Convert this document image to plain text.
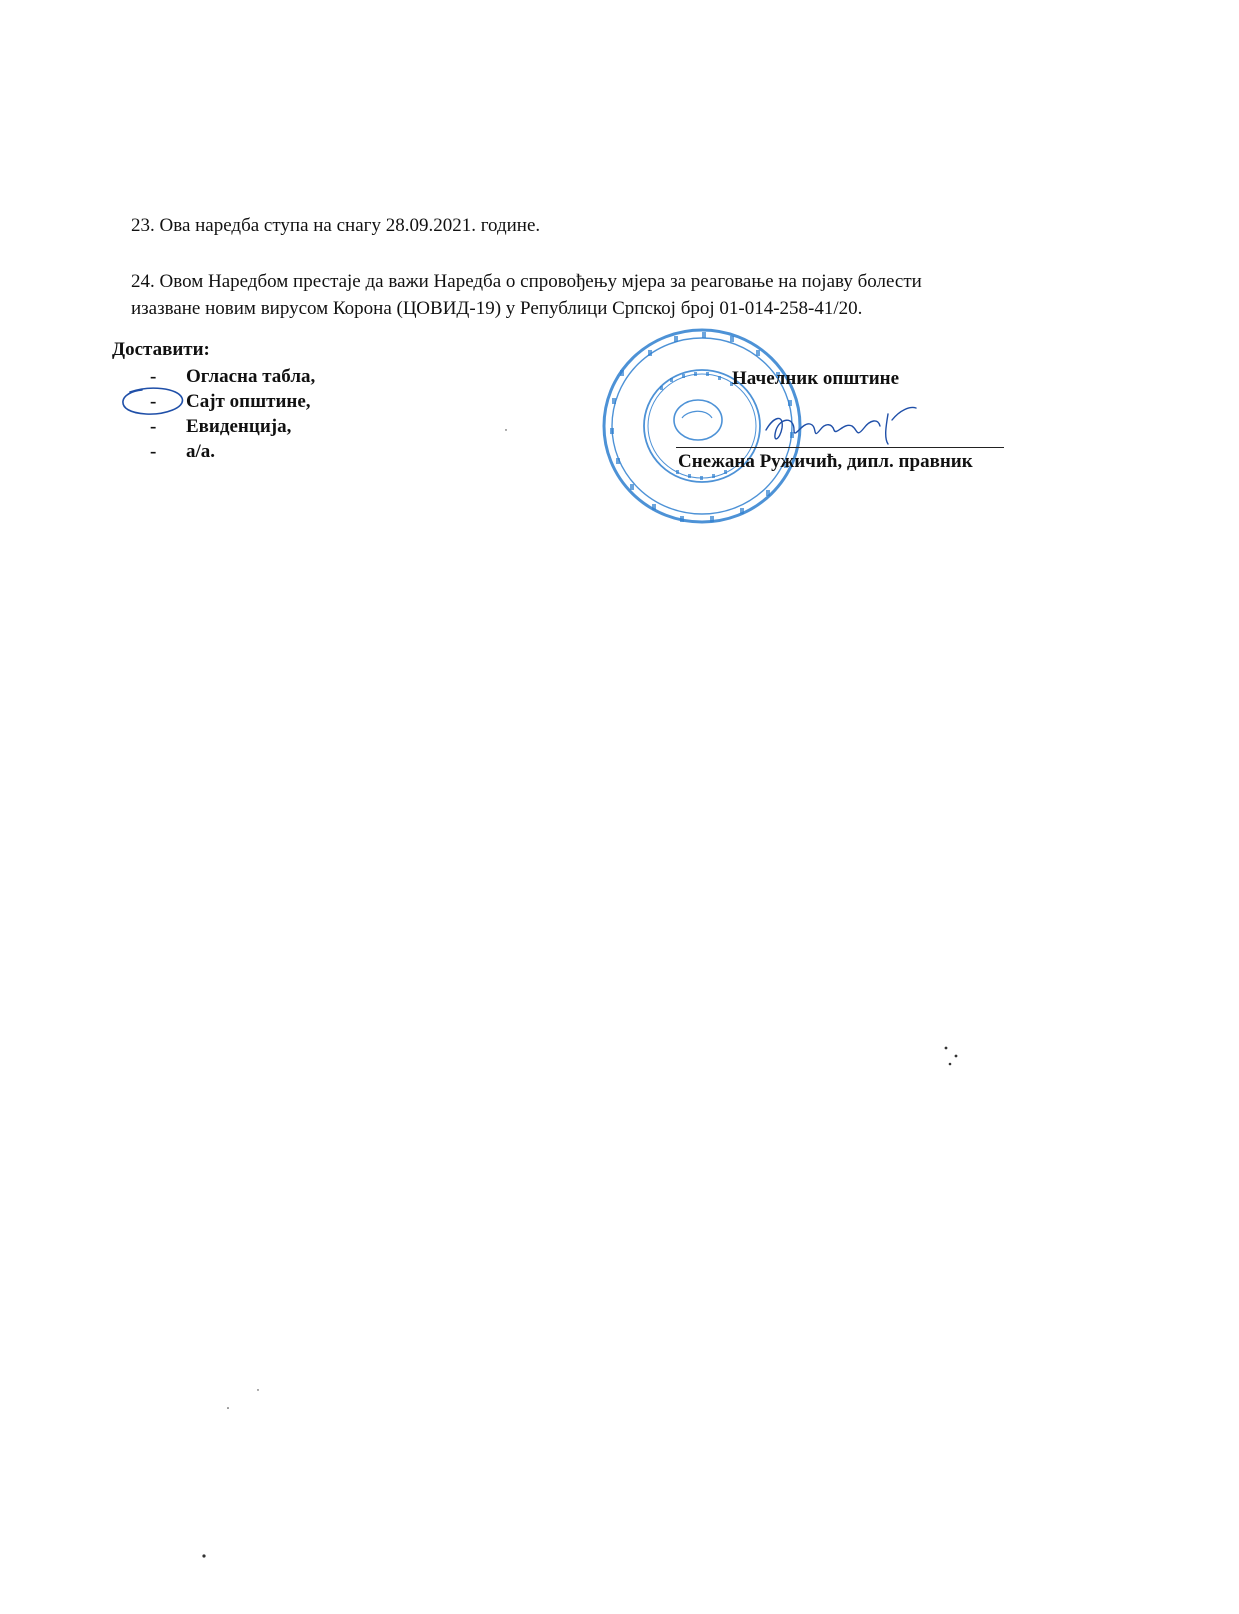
23. Ова наредба ступа на снагу 28.09.2021. године.
24. Овом Наредбом престаје да важи Наредба о спровођењу мјера за реаговање на појаву болести
изазване новим вирусом Корона (ЦОВИД-19) у Републици Српској број 01-014-258-41/20.
Доставити:
- Огласна табла,
- Сајт општине,
- Евиденција,
- а/а.
Начелник општине
Снежана Ружичић, дипл. правник
